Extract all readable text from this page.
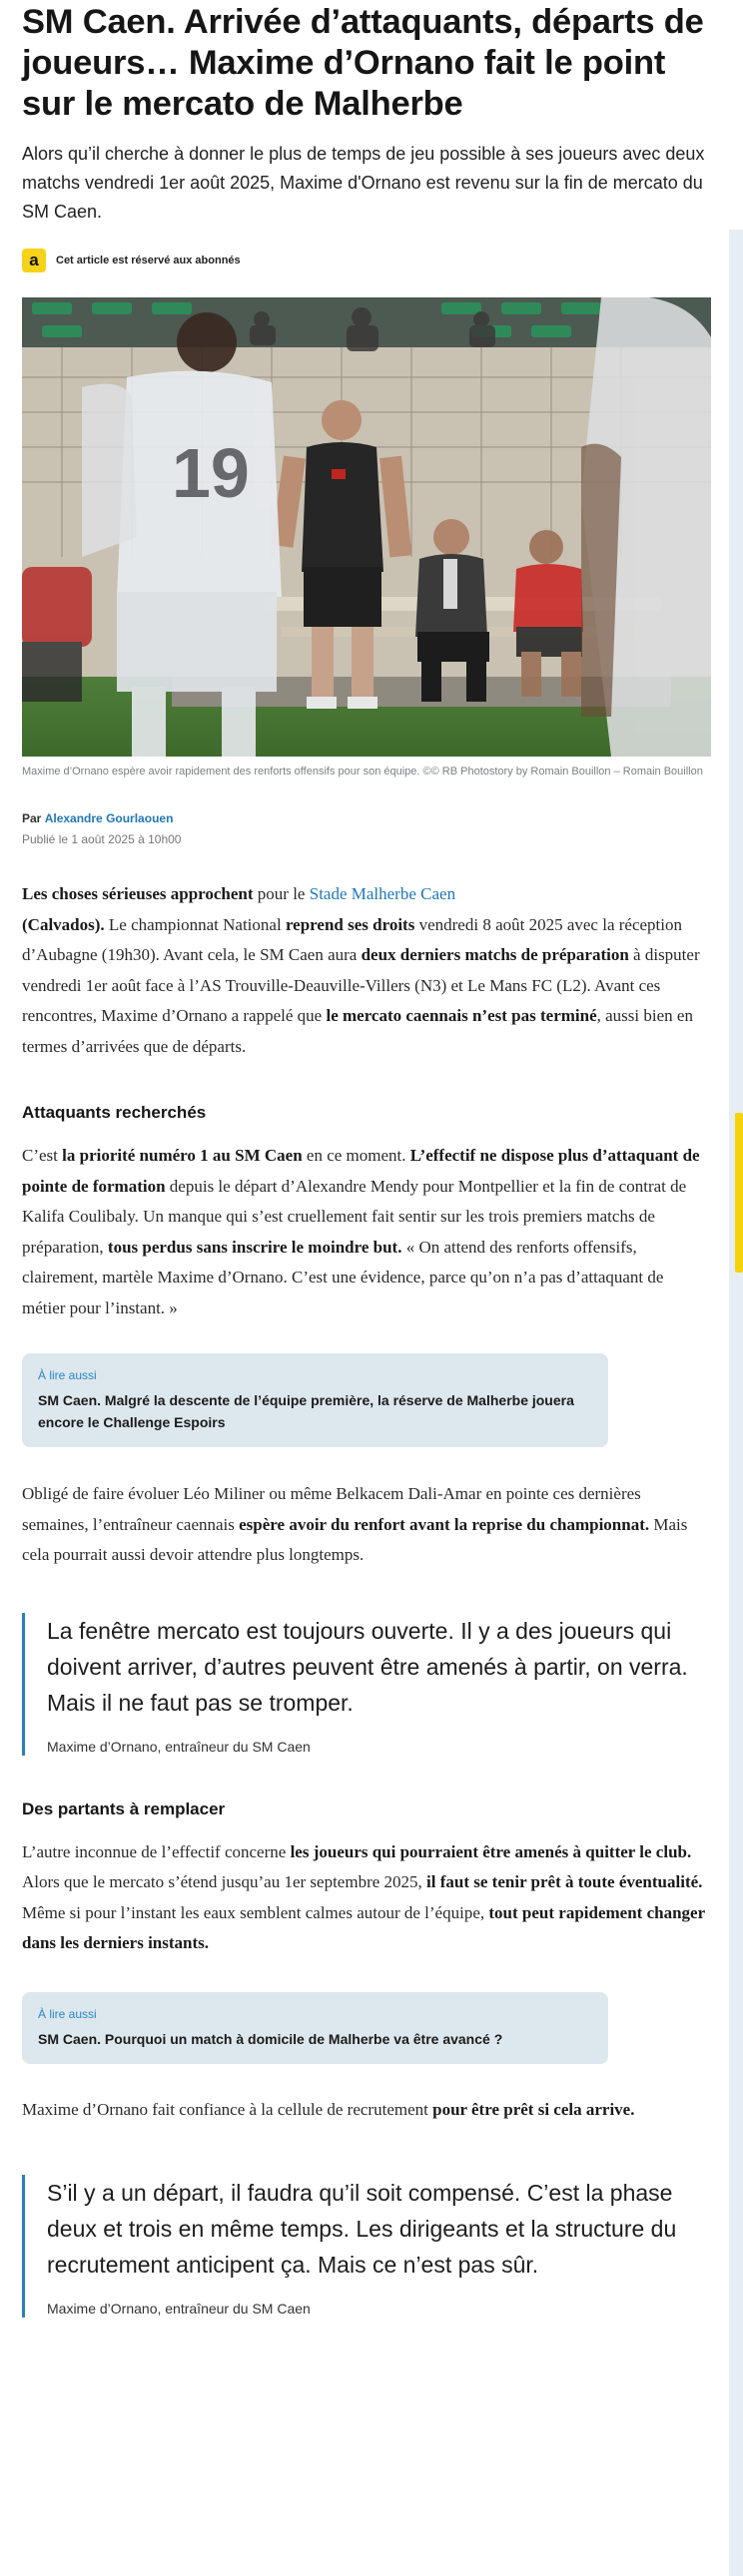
SM Caen. Arrivée d’attaquants, départs de joueurs… Maxime d’Ornano fait le point sur le mercato de Malherbe

Alors qu’il cherche à donner le plus de temps de jeu possible à ses joueurs avec deux matchs vendredi 1er août 2025, Maxime d'Ornano est revenu sur la fin de mercato du SM Caen.

a	Cet article est réservé aux abonnés
19

Maxime d’Ornano espère avoir rapidement des renforts offensifs pour son équipe. ©© RB Photostory by Romain Bouillon – Romain Bouillon

Par Alexandre Gourlaouen
Publié le 1 août 2025 à 10h00

Les choses sérieuses approchent pour le Stade Malherbe Caen
(Calvados). Le championnat National reprend ses droits vendredi 8 août 2025 avec la réception d’Aubagne (19h30). Avant cela, le SM Caen aura deux derniers matchs de préparation à disputer vendredi 1er août face à l’AS Trouville-Deauville-Villers (N3) et Le Mans FC (L2). Avant ces rencontres, Maxime d’Ornano a rappelé que le mercato caennais n’est pas terminé, aussi bien en termes d’arrivées que de départs.

Attaquants recherchés

C’est la priorité numéro 1 au SM Caen en ce moment. L’effectif ne dispose plus d’attaquant de pointe de formation depuis le départ d’Alexandre Mendy pour Montpellier et la fin de contrat de Kalifa Coulibaly. Un manque qui s’est cruellement fait sentir sur les trois premiers matchs de préparation, tous perdus sans inscrire le moindre but. « On attend des renforts offensifs, clairement, martèle Maxime d’Ornano. C’est une évidence, parce qu’on n’a pas d’attaquant de métier pour l’instant. »

À lire aussi
SM Caen. Malgré la descente de l’équipe première, la réserve de Malherbe jouera encore le Challenge Espoirs

Obligé de faire évoluer Léo Miliner ou même Belkacem Dali-Amar en pointe ces dernières semaines, l’entraîneur caennais espère avoir du renfort avant la reprise du championnat. Mais cela pourrait aussi devoir attendre plus longtemps.

La fenêtre mercato est toujours ouverte. Il y a des joueurs qui doivent arriver, d’autres peuvent être amenés à partir, on verra. Mais il ne faut pas se tromper.

Maxime d’Ornano, entraîneur du SM Caen

Des partants à remplacer

L’autre inconnue de l’effectif concerne les joueurs qui pourraient être amenés à quitter le club. Alors que le mercato s’étend jusqu’au 1er septembre 2025, il faut se tenir prêt à toute éventualité. Même si pour l’instant les eaux semblent calmes autour de l’équipe, tout peut rapidement changer dans les derniers instants.

À lire aussi
SM Caen. Pourquoi un match à domicile de Malherbe va être avancé ?

Maxime d’Ornano fait confiance à la cellule de recrutement pour être prêt si cela arrive.

S’il y a un départ, il faudra qu’il soit compensé. C’est la phase deux et trois en même temps. Les dirigeants et la structure du recrutement anticipent ça. Mais ce n’est pas sûr.

Maxime d’Ornano, entraîneur du SM Caen
